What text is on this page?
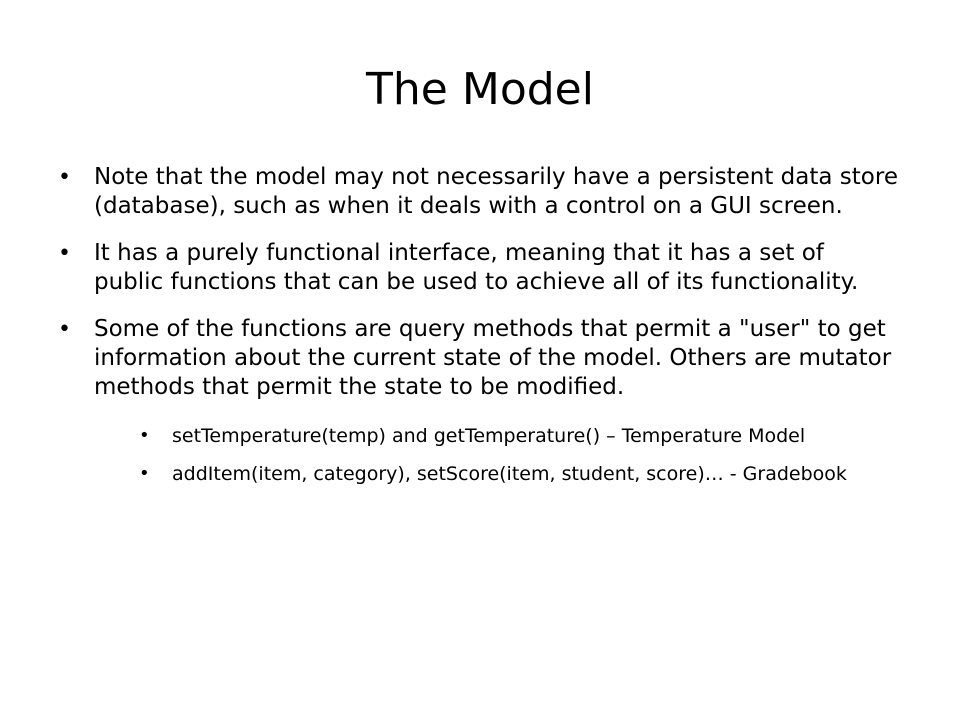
The Model
• Note that the model may not necessarily have a persistent data store (database), such as when it deals with a control on a GUI screen.
• It has a purely functional interface, meaning that it has a set of public functions that can be used to achieve all of its functionality.
• Some of the functions are query methods that permit a "user" to get information about the current state of the model. Others are mutator methods that permit the state to be modified.
• setTemperature(temp) and getTemperature() – Temperature Model
• addItem(item, category), setScore(item, student, score)… - Gradebook
